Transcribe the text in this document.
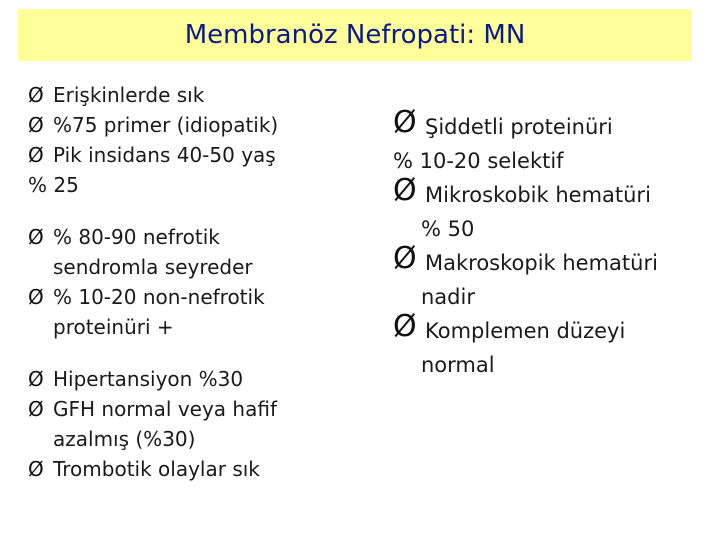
Membranöz Nefropati: MN
Ø Erişkinlerde sık
Ø %75 primer (idiopatik)
Ø Pik insidans 40-50 yaş
% 25
Ø % 80-90 nefrotik
sendromla seyreder
Ø % 10-20 non-nefrotik
proteinüri +
Ø Hipertansiyon %30
Ø GFH normal veya hafif
azalmış (%30)
Ø Trombotik olaylar sık
Ø Şiddetli proteinüri
% 10-20 selektif
Ø Mikroskobik hematüri
% 50
Ø Makroskopik hematüri
nadir
Ø Komplemen düzeyi
normal
